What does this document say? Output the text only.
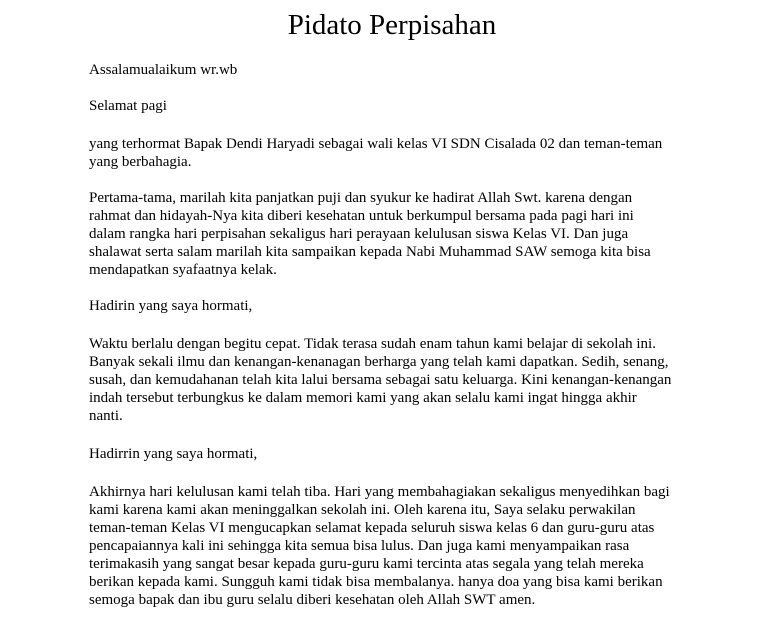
Pidato Perpisahan

Assalamualaikum wr.wb

Selamat pagi

yang terhormat Bapak Dendi Haryadi sebagai wali kelas VI SDN Cisalada 02 dan teman-teman
yang berbahagia.

Pertama-tama, marilah kita panjatkan puji dan syukur ke hadirat Allah Swt. karena dengan
rahmat dan hidayah-Nya kita diberi kesehatan untuk berkumpul bersama pada pagi hari ini
dalam rangka hari perpisahan sekaligus hari perayaan kelulusan siswa Kelas VI. Dan juga
shalawat serta salam marilah kita sampaikan kepada Nabi Muhammad SAW semoga kita bisa
mendapatkan syafaatnya kelak.

Hadirin yang saya hormati,

Waktu berlalu dengan begitu cepat. Tidak terasa sudah enam tahun kami belajar di sekolah ini.
Banyak sekali ilmu dan kenangan-kenanagan berharga yang telah kami dapatkan. Sedih, senang,
susah, dan kemudahanan telah kita lalui bersama sebagai satu keluarga. Kini kenangan-kenangan
indah tersebut terbungkus ke dalam memori kami yang akan selalu kami ingat hingga akhir
nanti.

Hadirrin yang saya hormati,

Akhirnya hari kelulusan kami telah tiba. Hari yang membahagiakan sekaligus menyedihkan bagi
kami karena kami akan meninggalkan sekolah ini. Oleh karena itu, Saya selaku perwakilan
teman-teman Kelas VI mengucapkan selamat kepada seluruh siswa kelas 6 dan guru-guru atas
pencapaiannya kali ini sehingga kita semua bisa lulus. Dan juga kami menyampaikan rasa
terimakasih yang sangat besar kepada guru-guru kami tercinta atas segala yang telah mereka
berikan kepada kami. Sungguh kami tidak bisa membalanya. hanya doa yang bisa kami berikan
semoga bapak dan ibu guru selalu diberi kesehatan oleh Allah SWT amen.
